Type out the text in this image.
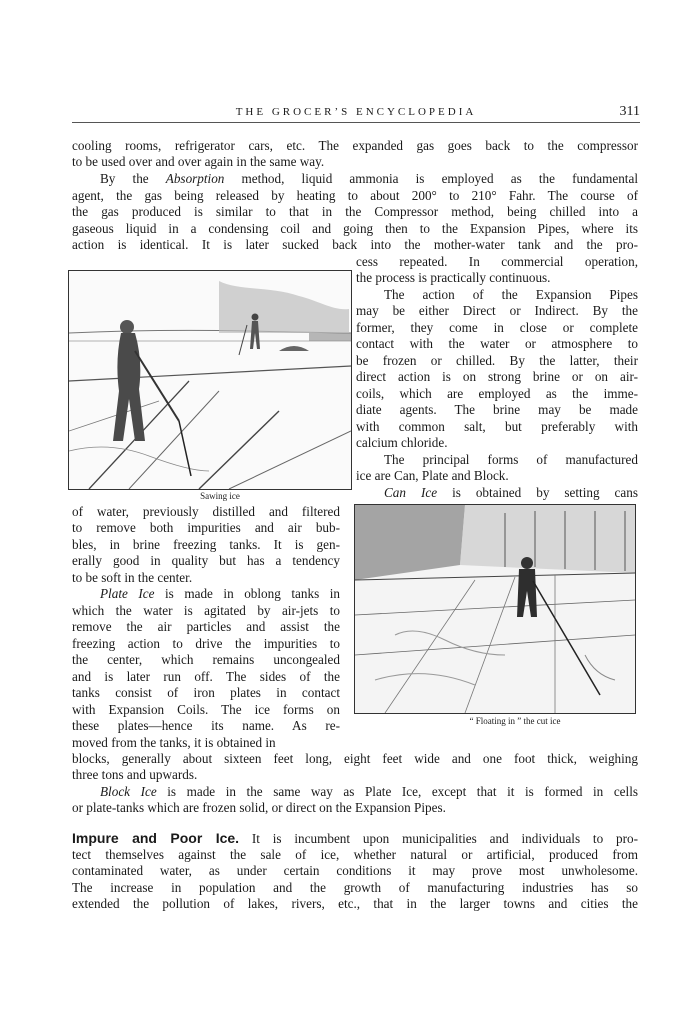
THE GROCER’S ENCYCLOPEDIA	311

cooling rooms, refrigerator cars, etc. The expanded gas goes back to the compressor

to be used over and over again in the same way.

By the Absorption method, liquid ammonia is employed as the fundamental

agent, the gas being released by heating to about 200° to 210° Fahr. The course of

the gas produced is similar to that in the Compressor method, being chilled into a

gaseous liquid in a condensing coil and going then to the Expansion Pipes, where its

action is identical. It is later sucked back into the mother-water tank and the pro-

cess repeated. In commercial operation,

the process is practically continuous.

The action of the Expansion Pipes

may be either Direct or Indirect. By the

former, they come in close or complete

contact with the water or atmosphere to

be frozen or chilled. By the latter, their

direct action is on strong brine or on air-

coils, which are employed as the imme-

diate agents. The brine may be made

with common salt, but preferably with

calcium chloride.

The principal forms of manufactured

ice are Can, Plate and Block.

Can Ice is obtained by setting cans

Sawing ice

of water, previously distilled and filtered

to remove both impurities and air bub-

bles, in brine freezing tanks. It is gen-

erally good in quality but has a tendency

to be soft in the center.

Plate Ice is made in oblong tanks in

which the water is agitated by air-jets to

remove the air particles and assist the

freezing action to drive the impurities to

the center, which remains uncongealed

and is later run off. The sides of the

tanks consist of iron plates in contact

with Expansion Coils. The ice forms on

these plates—hence its name. As re-

moved from the tanks, it is obtained in

“ Floating in ” the cut ice

blocks, generally about sixteen feet long, eight feet wide and one foot thick, weighing

three tons and upwards.

Block Ice is made in the same way as Plate Ice, except that it is formed in cells

or plate-tanks which are frozen solid, or direct on the Expansion Pipes.

Impure and Poor Ice. It is incumbent upon municipalities and individuals to pro-

tect themselves against the sale of ice, whether natural or artificial, produced from

contaminated water, as under certain conditions it may prove most unwholesome.

The increase in population and the growth of manufacturing industries has so

extended the pollution of lakes, rivers, etc., that in the larger towns and cities the
